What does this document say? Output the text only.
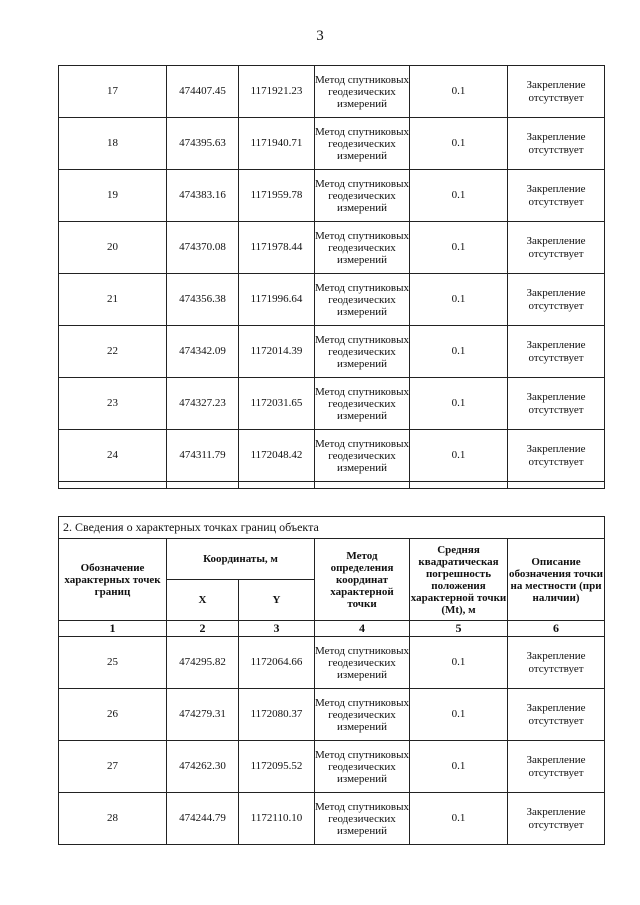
3
17	474407.45	1171921.23	Метод спутниковых геодезических измерений	0.1	Закрепление отсутствует
18	474395.63	1171940.71	Метод спутниковых геодезических измерений	0.1	Закрепление отсутствует
19	474383.16	1171959.78	Метод спутниковых геодезических измерений	0.1	Закрепление отсутствует
20	474370.08	1171978.44	Метод спутниковых геодезических измерений	0.1	Закрепление отсутствует
21	474356.38	1171996.64	Метод спутниковых геодезических измерений	0.1	Закрепление отсутствует
22	474342.09	1172014.39	Метод спутниковых геодезических измерений	0.1	Закрепление отсутствует
23	474327.23	1172031.65	Метод спутниковых геодезических измерений	0.1	Закрепление отсутствует
24	474311.79	1172048.42	Метод спутниковых геодезических измерений	0.1	Закрепление отсутствует

2. Сведения о характерных точках границ объекта					
Обозначение характерных точек границ	Координаты, м		Метод определения координат характерной точки	Средняя квадратическая погрешность положения характерной точки (Mt), м	Описание обозначения точки на местности (при наличии)
	X	Y			
1	2	3	4	5	6
25	474295.82	1172064.66	Метод спутниковых геодезических измерений	0.1	Закрепление отсутствует
26	474279.31	1172080.37	Метод спутниковых геодезических измерений	0.1	Закрепление отсутствует
27	474262.30	1172095.52	Метод спутниковых геодезических измерений	0.1	Закрепление отсутствует
28	474244.79	1172110.10	Метод спутниковых геодезических измерений	0.1	Закрепление отсутствует
